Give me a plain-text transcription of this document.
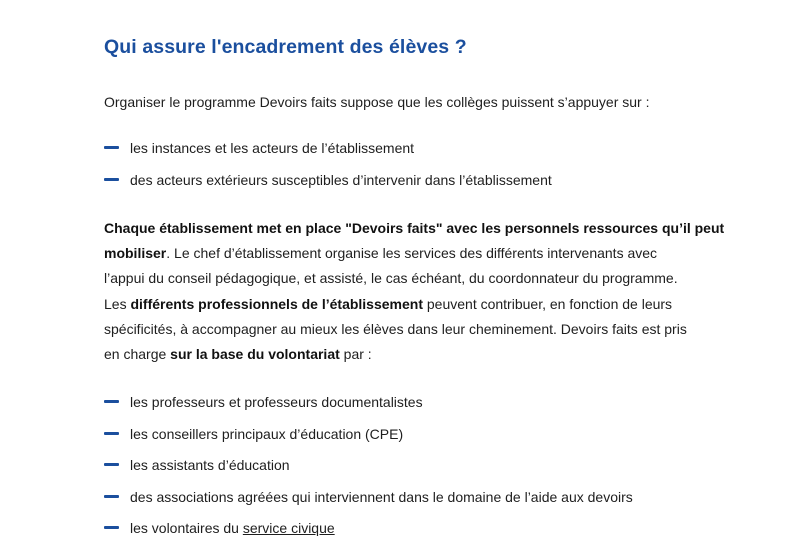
Qui assure l'encadrement des élèves ?

Organiser le programme Devoirs faits suppose que les collèges puissent s’appuyer sur :

les instances et les acteurs de l’établissement
des acteurs extérieurs susceptibles d’intervenir dans l’établissement

Chaque établissement met en place "Devoirs faits" avec les personnels ressources qu’il peut
mobiliser. Le chef d’établissement organise les services des différents intervenants avec
l’appui du conseil pédagogique, et assisté, le cas échéant, du coordonnateur du programme.
Les différents professionnels de l’établissement peuvent contribuer, en fonction de leurs
spécificités, à accompagner au mieux les élèves dans leur cheminement. Devoirs faits est pris
en charge sur la base du volontariat par :

les professeurs et professeurs documentalistes
les conseillers principaux d’éducation (CPE)
les assistants d’éducation
des associations agréées qui interviennent dans le domaine de l’aide aux devoirs
les volontaires du service civique
